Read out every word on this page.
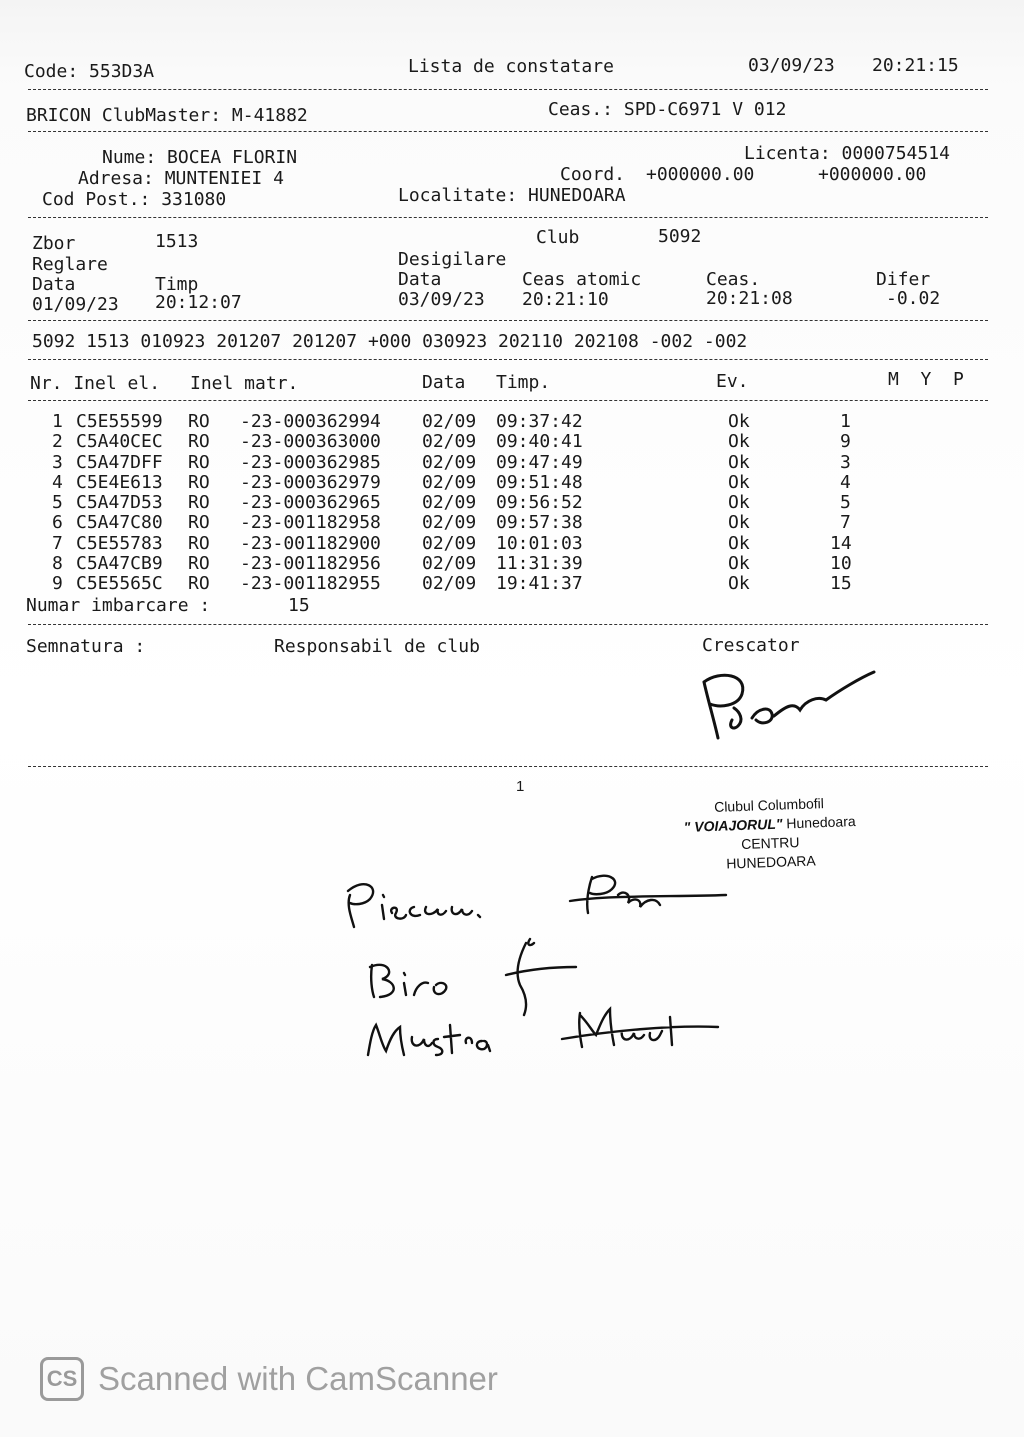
Code: 553D3A	Lista de constatare	03/09/23 20:21:15
BRICON ClubMaster: M-41882	Ceas.: SPD-C6971 V 012
Nume: BOCEA FLORIN	Licenta: 0000754514
Adresa: MUNTENIEI 4	Coord. +000000.00	+000000.00
Cod Post.: 331080	Localitate: HUNEDOARA
Zbor	1513	Club	5092
Reglare	Desigilare
Data	Timp	Data	Ceas atomic	Ceas.	Difer
01/09/23 20:12:07	03/09/23 20:21:10	20:21:08	-0.02
5092 1513 010923 201207 201207 +000 030923 202110 202108 -002 -002
Nr. Inel el. Inel matr.	Data Timp.	Ev.	M  Y  P
1 C5E55599 RO -23-000362994 02/09 09:37:42	Ok	1
2 C5A40CEC RO -23-000363000 02/09 09:40:41	Ok	9
3 C5A47DFF RO -23-000362985 02/09 09:47:49	Ok	3
4 C5E4E613 RO -23-000362979 02/09 09:51:48	Ok	4
5 C5A47D53 RO -23-000362965 02/09 09:56:52	Ok	5
6 C5A47C80 RO -23-001182958 02/09 09:57:38	Ok	7
7 C5E55783 RO -23-001182900 02/09 10:01:03	Ok	14
8 C5A47CB9 RO -23-001182956 02/09 11:31:39	Ok	10
9 C5E5565C RO -23-001182955 02/09 19:41:37	Ok	15
Numar imbarcare :	15
Semnatura :	Responsabil de club	Crescator
1
Clubul Columbofil
" VOIAJORUL" Hunedoara
CENTRU
HUNEDOARA
CS Scanned with CamScanner
